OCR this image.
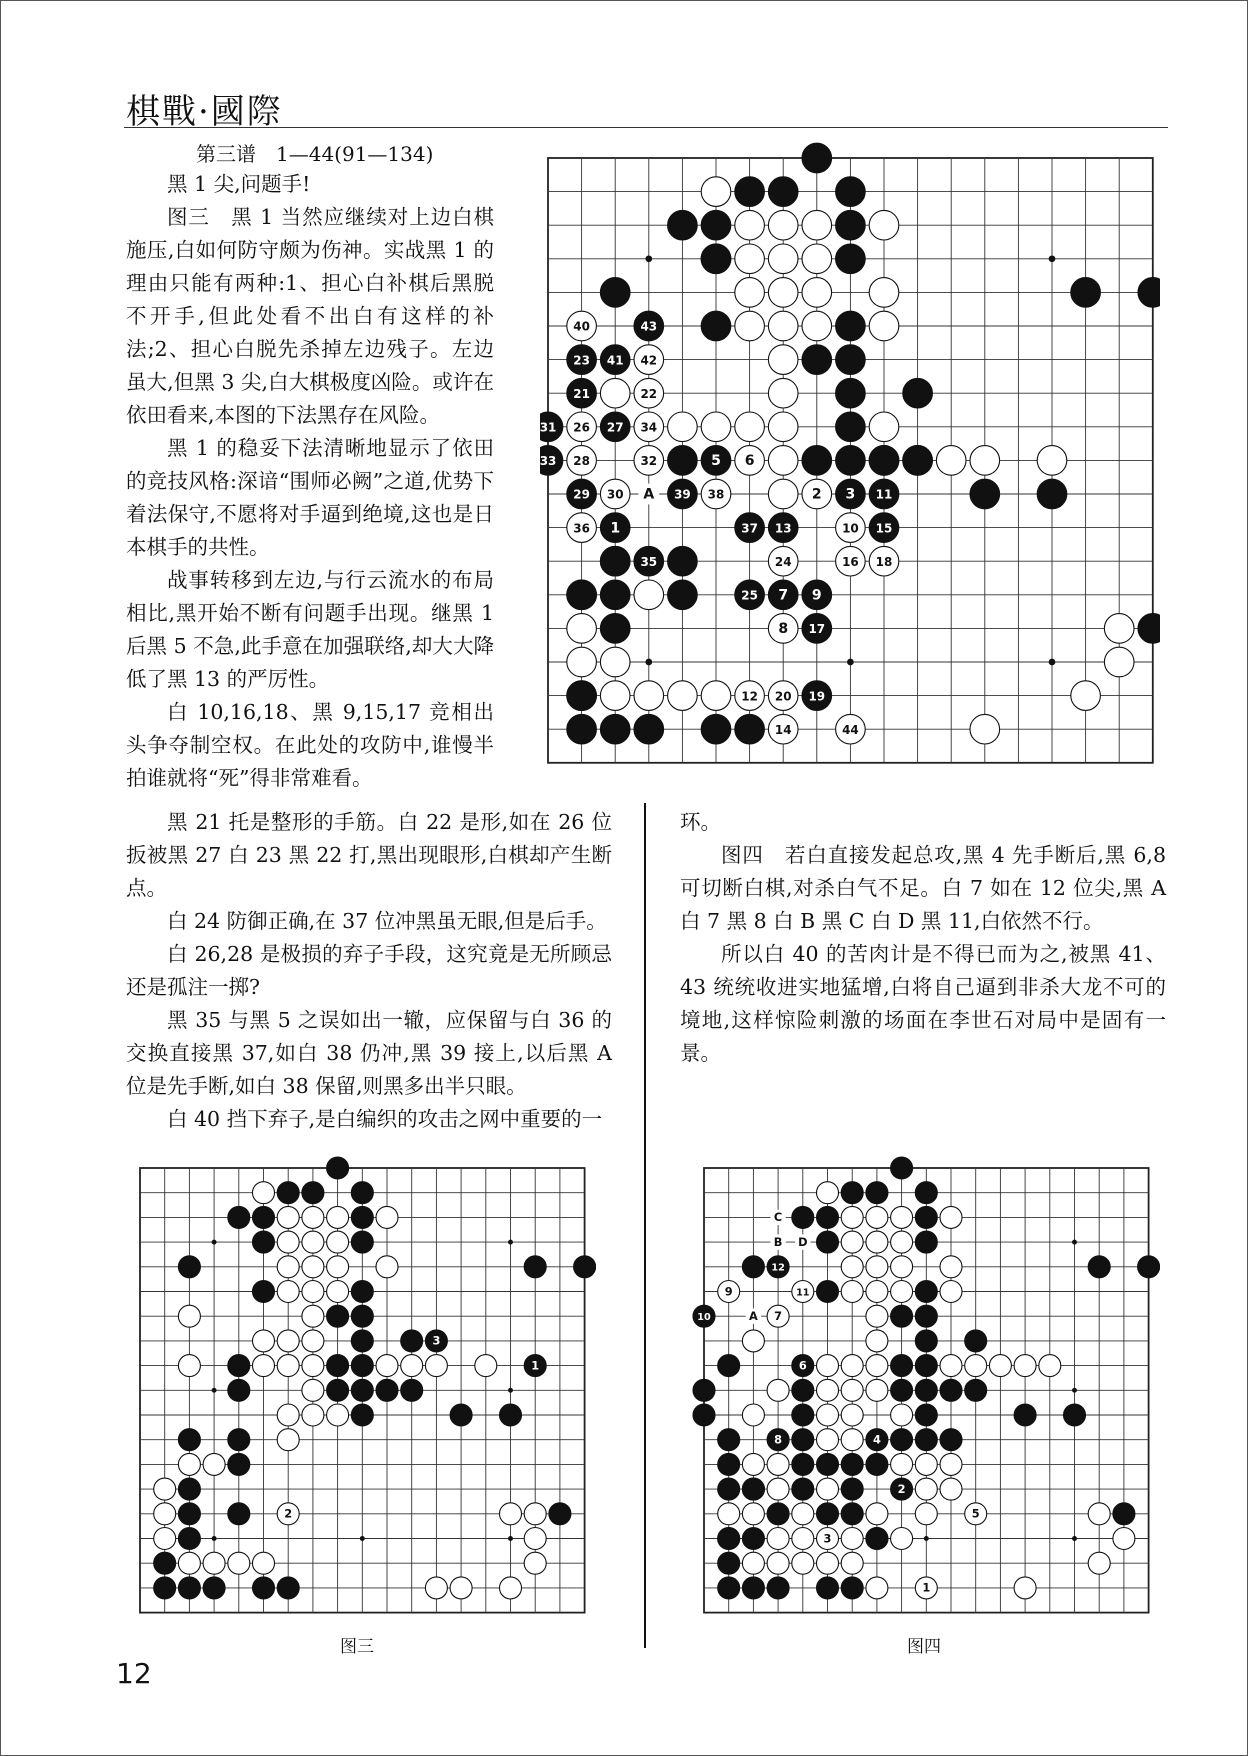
棋戰·國際
第三谱　1—44(91—134)

黑 1 尖,问题手!

图三　黑 1 当然应继续对上边白棋施压,白如何防守颇为伤神。实战黑 1 的理由只能有两种:1、担心白补棋后黑脱不开手,但此处看不出白有这样的补法;2、担心白脱先杀掉左边残子。左边虽大,但黑 3 尖,白大棋极度凶险。或许在依田看来,本图的下法黑存在风险。

黑 1 的稳妥下法清晰地显示了依田的竞技风格:深谙“围师必阙”之道,优势下着法保守,不愿将对手逼到绝境,这也是日本棋手的共性。

战事转移到左边,与行云流水的布局相比,黑开始不断有问题手出现。继黑 1 后黑 5 不急,此手意在加强联络,却大大降低了黑 13 的严厉性。

白 10,16,18、黑 9,15,17 竞相出头争夺制空权。在此处的攻防中,谁慢半拍谁就将“死”得非常难看。

黑 21 托是整形的手筋。白 22 是形,如在 26 位扳被黑 27 白 23 黑 22 打,黑出现眼形,白棋却产生断点。

白 24 防御正确,在 37 位冲黑虽无眼,但是后手。

白 26,28 是极损的弃子手段，这究竟是无所顾忌还是孤注一掷?

黑 35 与黑 5 之误如出一辙，应保留与白 36 的交换直接黑 37,如白 38 仍冲,黑 39 接上,以后黑 A 位是先手断,如白 38 保留,则黑多出半只眼。

白 40 挡下弃子,是白编织的攻击之网中重要的一

环。

图四　若白直接发起总攻,黑 4 先手断后,黑 6,8 可切断白棋,对杀白气不足。白 7 如在 12 位尖,黑 A 白 7 黑 8 白 B 黑 C 白 D 黑 11,白依然不行。

所以白 40 的苦肉计是不得已而为之,被黑 41、43 统统收进实地猛增,白将自己逼到非杀大龙不可的境地,这样惊险刺激的场面在李世石对局中是固有一景。

1
2 3
5 6
7
8
9
10
11
12
13
14
15
16
17
18
19
20
21	22
23
24
25
26 27
28
29 30
31
32
33
34
35
36	37
38
39
40
41 42
43
44
A
1
2
3
1
2
3
4
5
6
7
8
9
10
11
12
A
B
C
D
图三	图四
12
